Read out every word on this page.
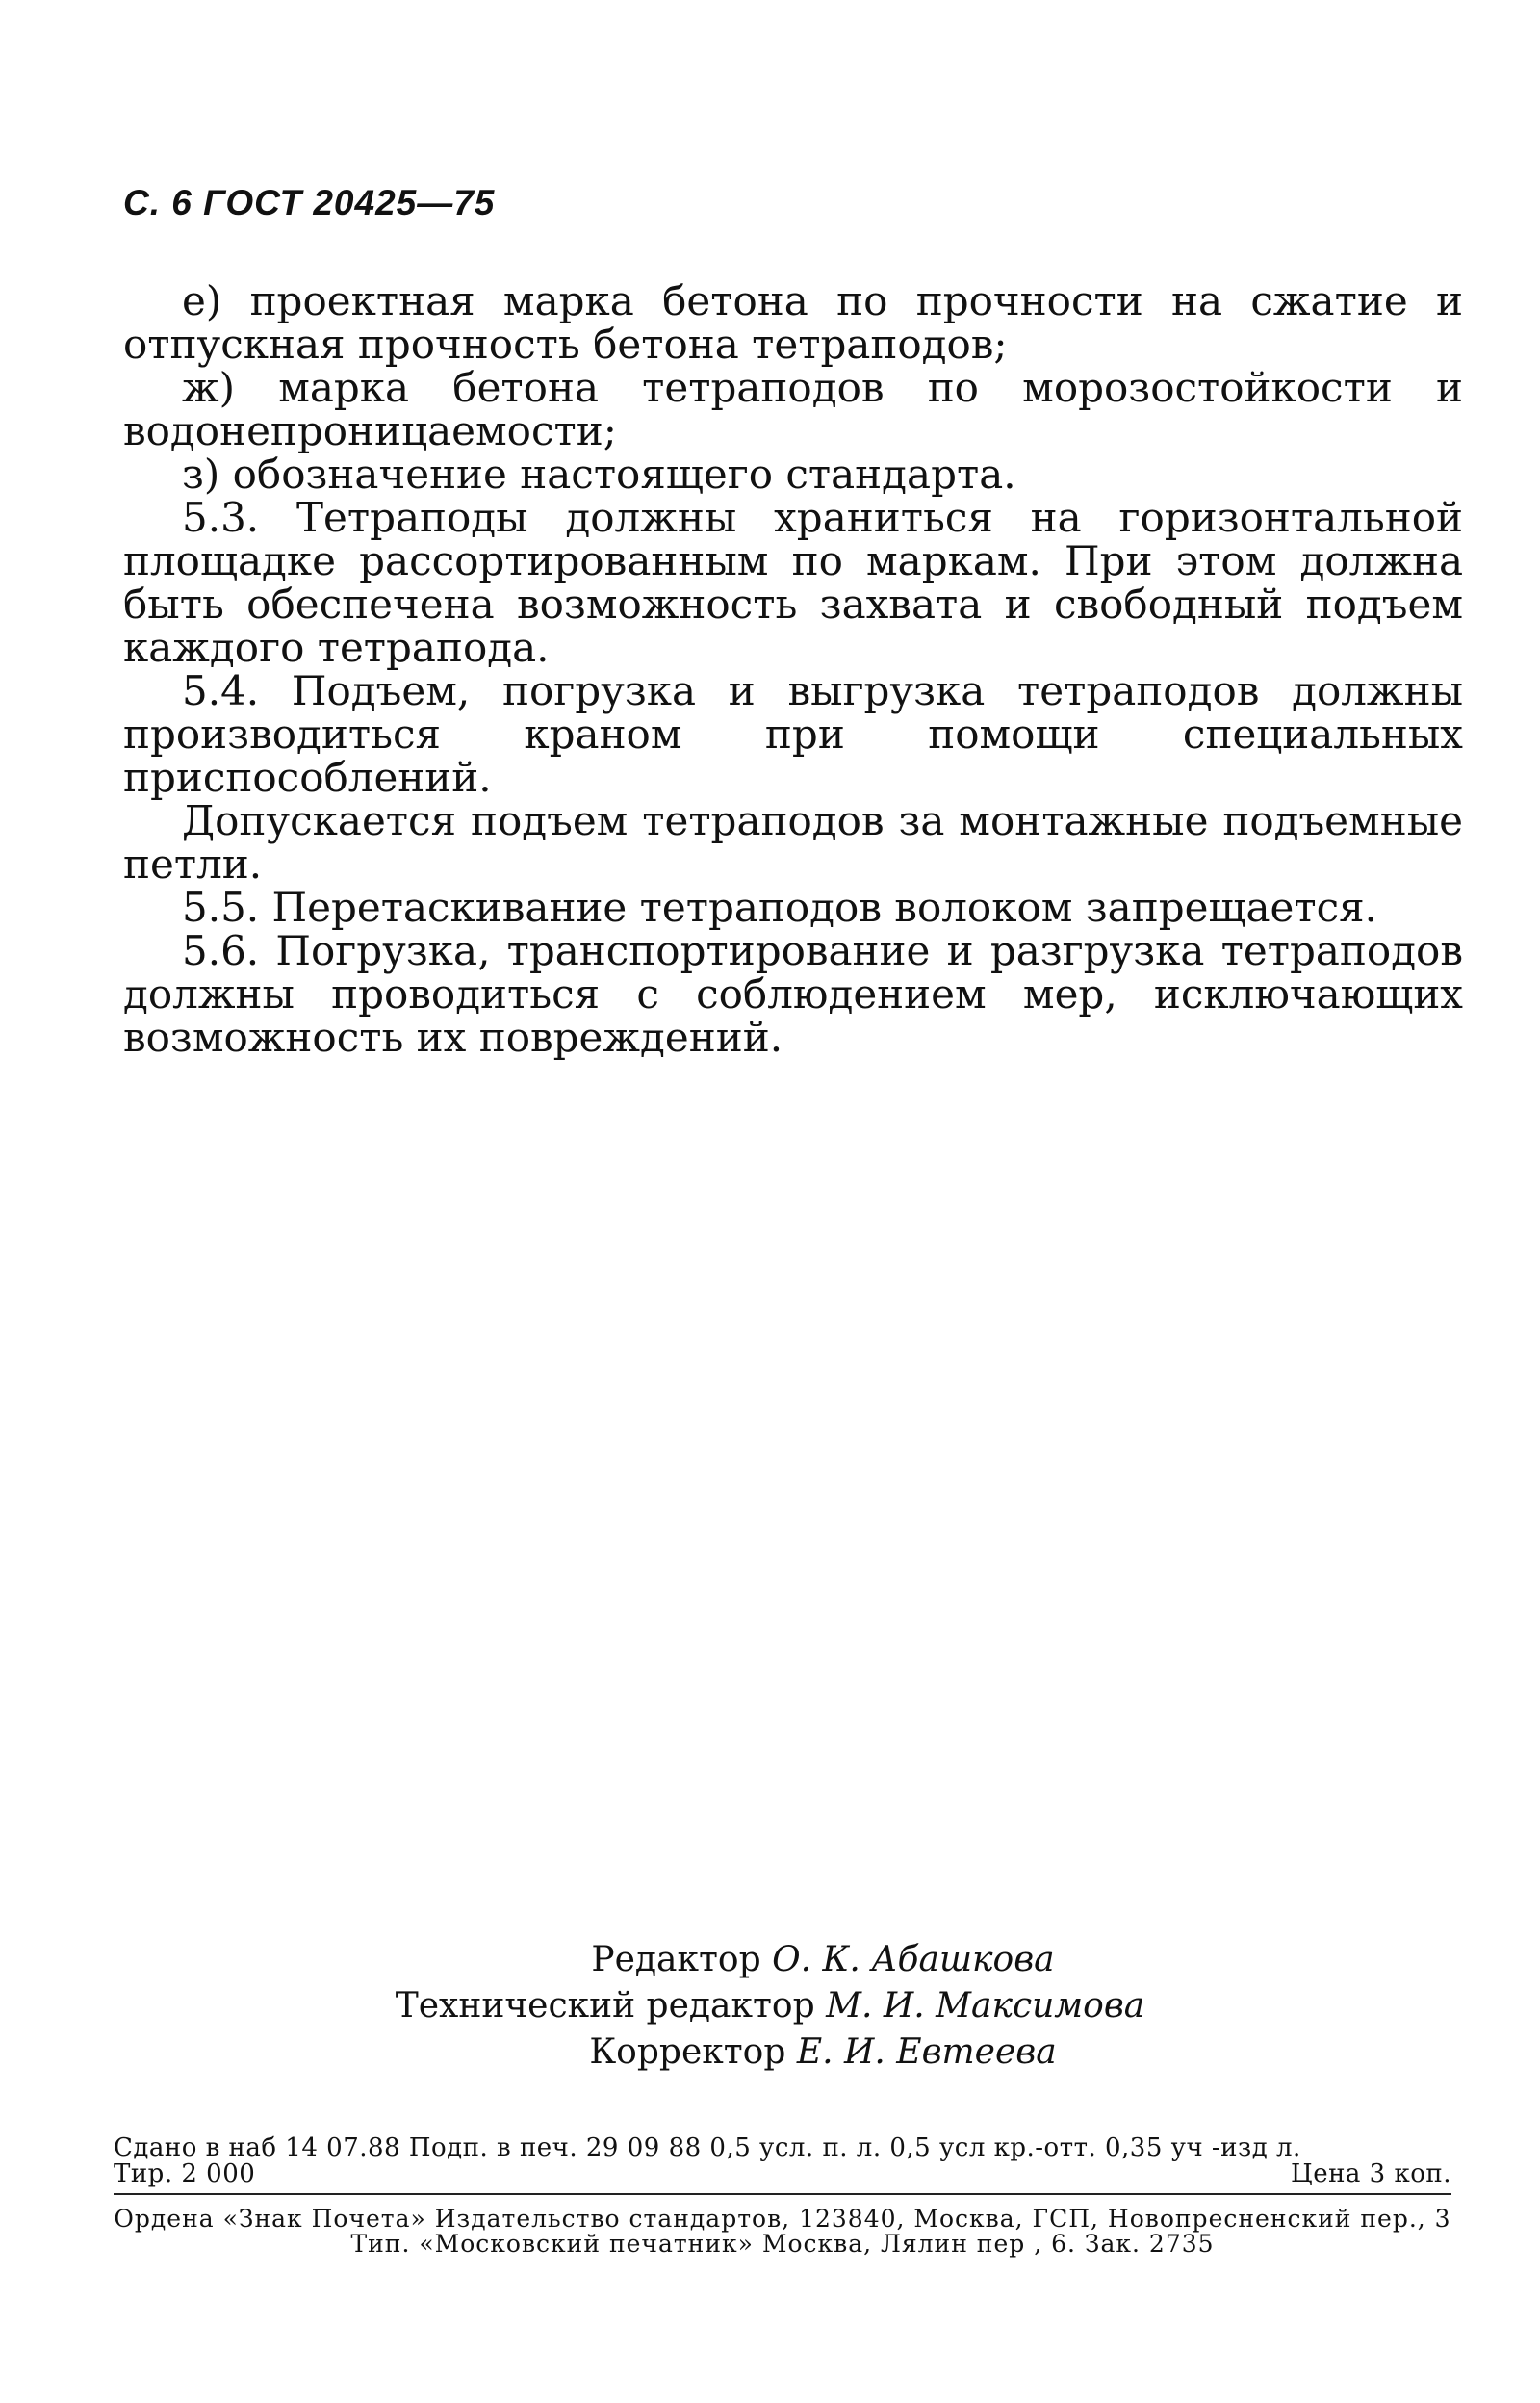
С. 6 ГОСТ 20425—75

е) проектная марка бетона по прочности на сжатие и отпускная прочность бетона тетраподов;

ж) марка бетона тетраподов по морозостойкости и водонепроницаемости;

з) обозначение настоящего стандарта.

5.3. Тетраподы должны храниться на горизонтальной площадке рассортированным по маркам. При этом должна быть обеспечена возможность захвата и свободный подъем каждого тетрапода.

5.4. Подъем, погрузка и выгрузка тетраподов должны производиться краном при помощи специальных приспособлений.

Допускается подъем тетраподов за монтажные подъемные петли.

5.5. Перетаскивание тетраподов волоком запрещается.

5.6. Погрузка, транспортирование и разгрузка тетраподов должны проводиться с соблюдением мер, исключающих возможность их повреждений.

Редактор О. К. Абашкова
Технический редактор М. И. Максимова
Корректор Е. И. Евтеева
Сдано в наб 14 07.88 Подп. в печ. 29 09 88 0,5 усл. п. л. 0,5 усл кр.-отт. 0,35 уч -изд л.
Тир. 2 000	Цена 3 коп.
Ордена «Знак Почета» Издательство стандартов, 123840, Москва, ГСП, Новопресненский пер., 3
Тип. «Московский печатник» Москва, Лялин пер , 6. Зак. 2735
